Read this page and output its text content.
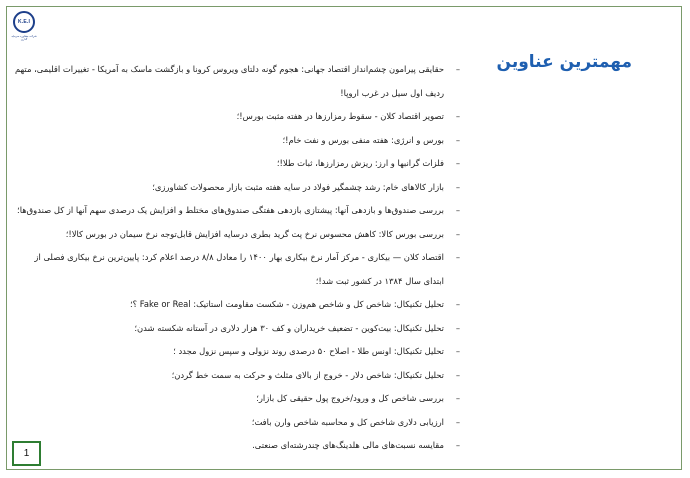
K.E.I
شرکت مشاوره سرمایه گذاری
مهمترین عناوین
–
حقایقی پیرامون چشم‌انداز اقتصاد جهانی: هجوم گونه دلتای ویروس کرونا و بازگشت ماسک به آمریکا - تغییرات اقلیمی، متهم ردیف اول سیل در غرب اروپا!
–
تصویر اقتصاد کلان - سقوط رمزارزها در هفته مثبت بورس!؛
–
بورس و انرژی: هفته منفی بورس و نفت خام!؛
–
فلزات گرانبها و ارز: ریزش رمزارزها، ثبات طلا!؛
–
بازار کالاهای خام: رشد چشمگیر فولاد در سایه هفته مثبت بازار محصولات کشاورزی؛
–
بررسی صندوق‌ها و بازدهی آنها: پیشتازی بازدهی هفتگی صندوق‌های مختلط و افزایش یک درصدی سهم آنها از کل صندوق‌ها؛
–
بررسی بورس کالا: کاهش محسوس نرخ پت گرید بطری درسایه افزایش قابل‌توجه نرخ سیمان در بورس کالا!؛
–
اقتصاد کلان — بیکاری - مرکز آمار نرخ بیکاری بهار ۱۴۰۰ را معادل ۸/۸ درصد اعلام کرد: پایین‌ترین نرخ بیکاری فصلی از ابتدای سال ۱۳۸۴ در کشور ثبت شد!؛
–
تحلیل تکنیکال: شاخص کل و شاخص هم‌وزن - شکست مقاومت استاتیک: Fake or Real ؟؛
–
تحلیل تکنیکال: بیت‌کوین - تضعیف خریداران و کف ۳۰ هزار دلاری در آستانه شکسته شدن؛
–
تحلیل تکنیکال: اونس طلا - اصلاح ۵۰ درصدی روند نزولی و سپس نزول مجدد ؛
–
تحلیل تکنیکال: شاخص دلار - خروج از بالای مثلث و حرکت به سمت خط گردن؛
–
بررسی شاخص کل و ورود/خروج پول حقیقی کل بازار؛
–
ارزیابی دلاری شاخص کل و محاسبه شاخص وارن بافت؛
–
مقایسه نسبت‌های مالی هلدینگ‌های چندرشته‌ای صنعتی.
1
